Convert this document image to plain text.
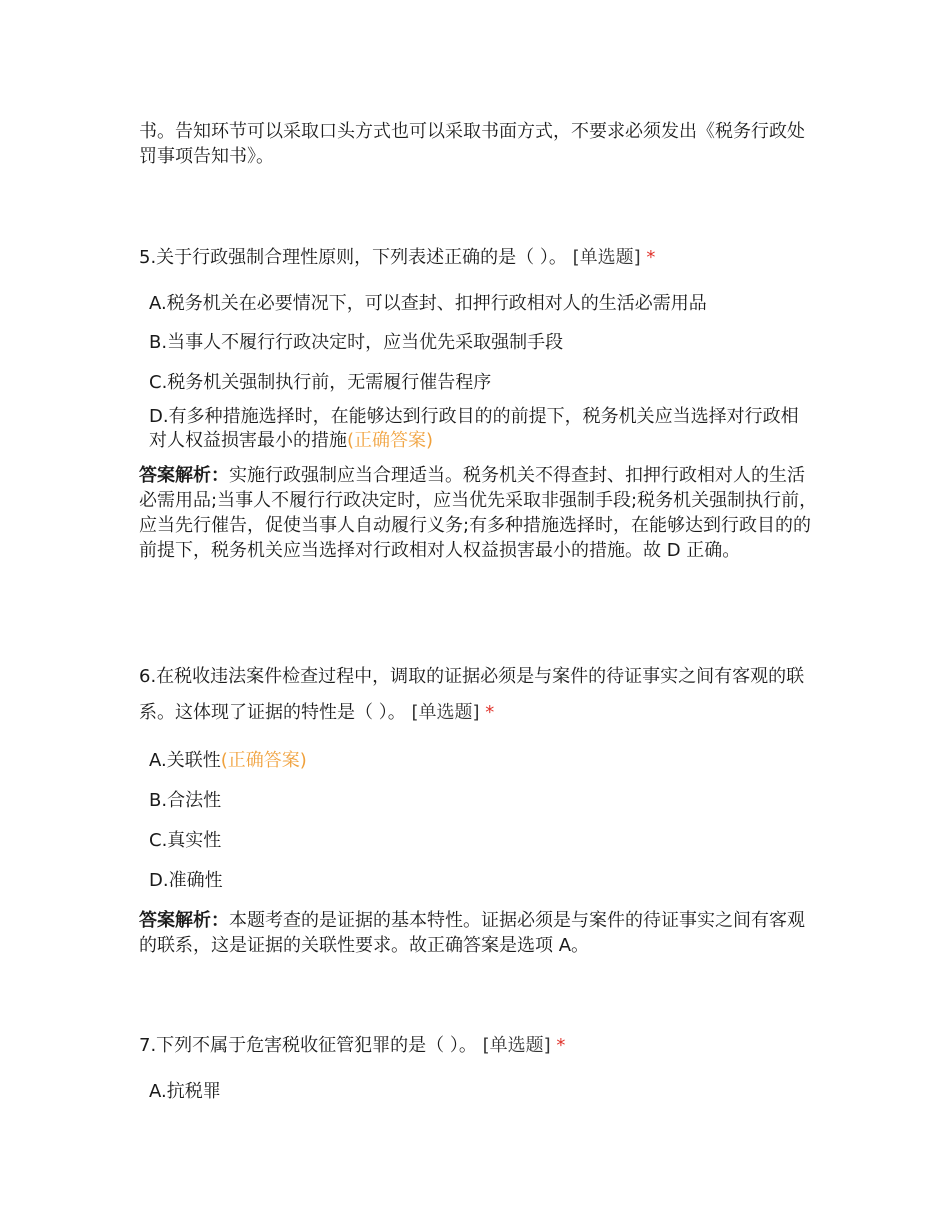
书。告知环节可以采取口头方式也可以采取书面方式，不要求必须发出《税务行政处罚事项告知书》。
5.关于行政强制合理性原则，下列表述正确的是（ ）。 [单选题] *
A.税务机关在必要情况下，可以查封、扣押行政相对人的生活必需用品
B.当事人不履行行政决定时，应当优先采取强制手段
C.税务机关强制执行前，无需履行催告程序
D.有多种措施选择时，在能够达到行政目的的前提下，税务机关应当选择对行政相对人权益损害最小的措施(正确答案)
答案解析：实施行政强制应当合理适当。税务机关不得查封、扣押行政相对人的生活必需用品;当事人不履行行政决定时，应当优先采取非强制手段;税务机关强制执行前，应当先行催告，促使当事人自动履行义务;有多种措施选择时，在能够达到行政目的的前提下，税务机关应当选择对行政相对人权益损害最小的措施。故 D 正确。
6.在税收违法案件检查过程中，调取的证据必须是与案件的待证事实之间有客观的联系。这体现了证据的特性是（ ）。 [单选题] *
A.关联性(正确答案)
B.合法性
C.真实性
D.准确性
答案解析：本题考查的是证据的基本特性。证据必须是与案件的待证事实之间有客观的联系，这是证据的关联性要求。故正确答案是选项 A。
7.下列不属于危害税收征管犯罪的是（ ）。 [单选题] *
A.抗税罪
